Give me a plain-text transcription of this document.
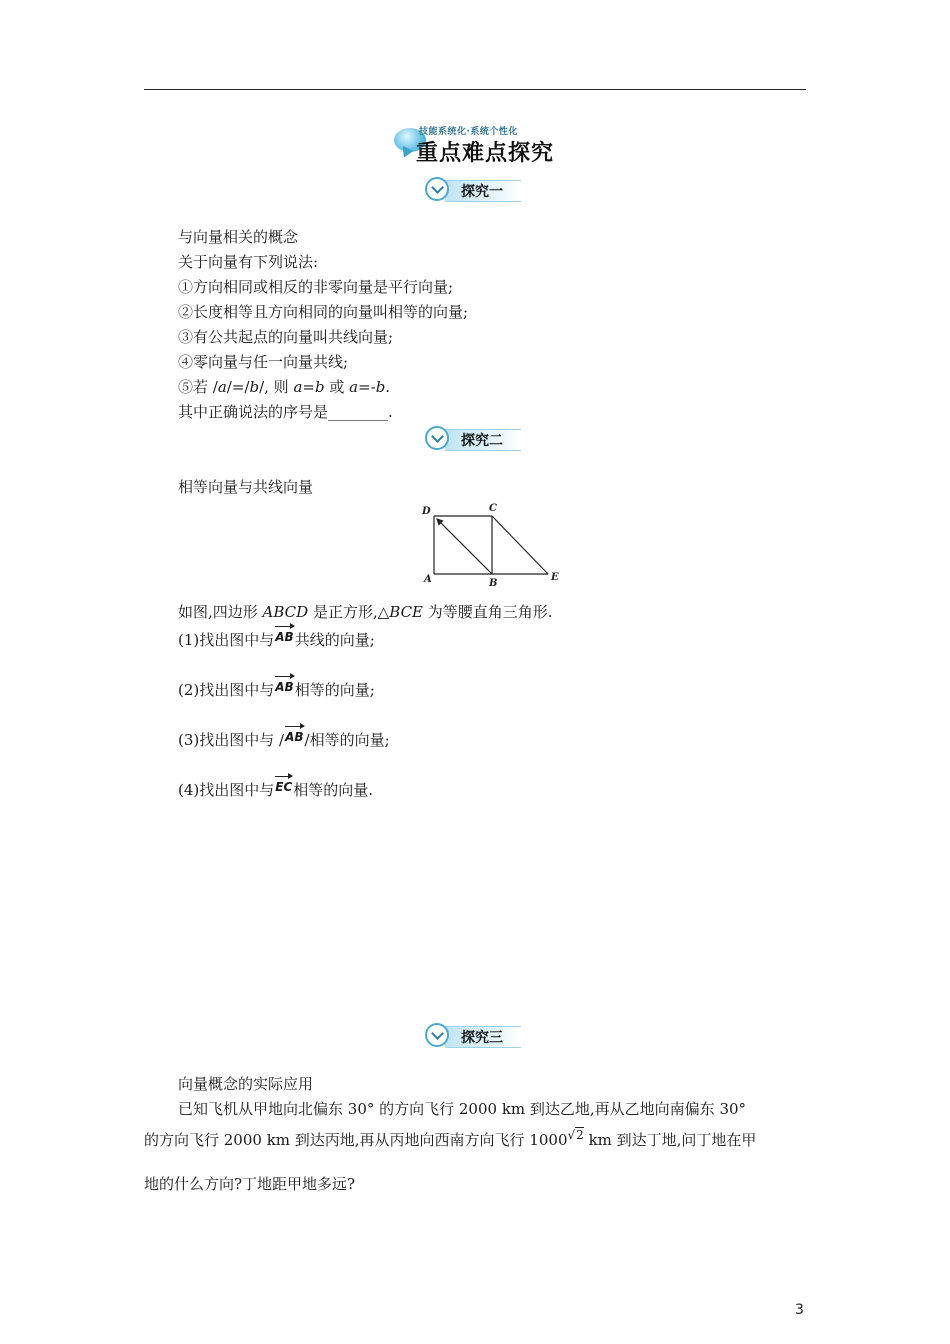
技能系统化·系统个性化
重点难点探究
探究一
与向量相关的概念
关于向量有下列说法:
①方向相同或相反的非零向量是平行向量;
②长度相等且方向相同的向量叫相等的向量;
③有公共起点的向量叫共线向量;
④零向量与任一向量共线;
⑤若 /a/=/b/, 则 a=b 或 a=-b.
其中正确说法的序号是________.
探究二
相等向量与共线向量
D	C
A	B
E
如图,四边形 ABCD 是正方形,△BCE 为等腰直角三角形.
(1)找出图中与AB共线的向量;
(2)找出图中与AB相等的向量;
(3)找出图中与 /AB/相等的向量;
(4)找出图中与EC相等的向量.
探究三
向量概念的实际应用
已知飞机从甲地向北偏东 30° 的方向飞行 2000 km 到达乙地,再从乙地向南偏东 30°
的方向飞行 2000 km 到达丙地,再从丙地向西南方向飞行 $1000^{√2}$ km 到达丁地,问丁地在甲
地的什么方向?丁地距甲地多远?
3
